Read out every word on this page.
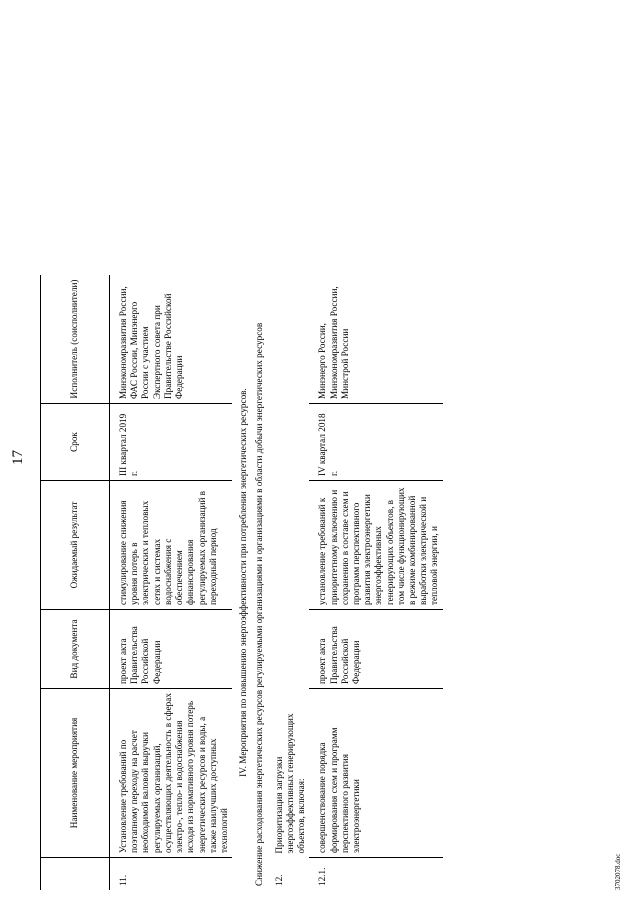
17
	Наименование мероприятия	Вид документа	Ожидаемый результат	Срок	Исполнитель (соисполнители)
11.	Установление требований по поэтапному переходу на расчет необходимой валовой выручки регулируемых организаций, осуществляющих деятельность в сферах электро-, тепло- и водоснабжения исходя из нормативного уровня потерь энергетических ресурсов и воды, а также наилучших доступных технологий	проект акта Правительства Российской Федерации	стимулирование снижения уровня потерь в электрических и тепловых сетях и системах водоснабжения с обеспечением финансирования регулируемых организаций в переходный период	III квартал 2019 г.	Минэкономразвития России, ФАС России, Минэнерго России с участием Экспертного совета при Правительстве Российской Федерации
IV. Мероприятия по повышению энергоэффективности при потреблении энергетических ресурсов.					
Снижение расходования энергетических ресурсов регулируемыми организациями и организациями в области добычи энергетических ресурсов					
12.	Приоритизация загрузки энергоэффективных генерирующих объектов, включая:				
12.1.	совершенствование порядка формирования схем и программ перспективного развития электроэнергетики	проект акта Правительства Российской Федерации	установление требований к приоритетному включению и сохранению в составе схем и программ перспективного развития электроэнергетики энергоэффективных генерирующих объектов, в том числе функционирующих в режиме комбинированной выработки электрической и тепловой энергии, и	IV квартал 2018 г.	Минэнерго России, Минэкономразвития России, Минстрой России
3702078.doc
